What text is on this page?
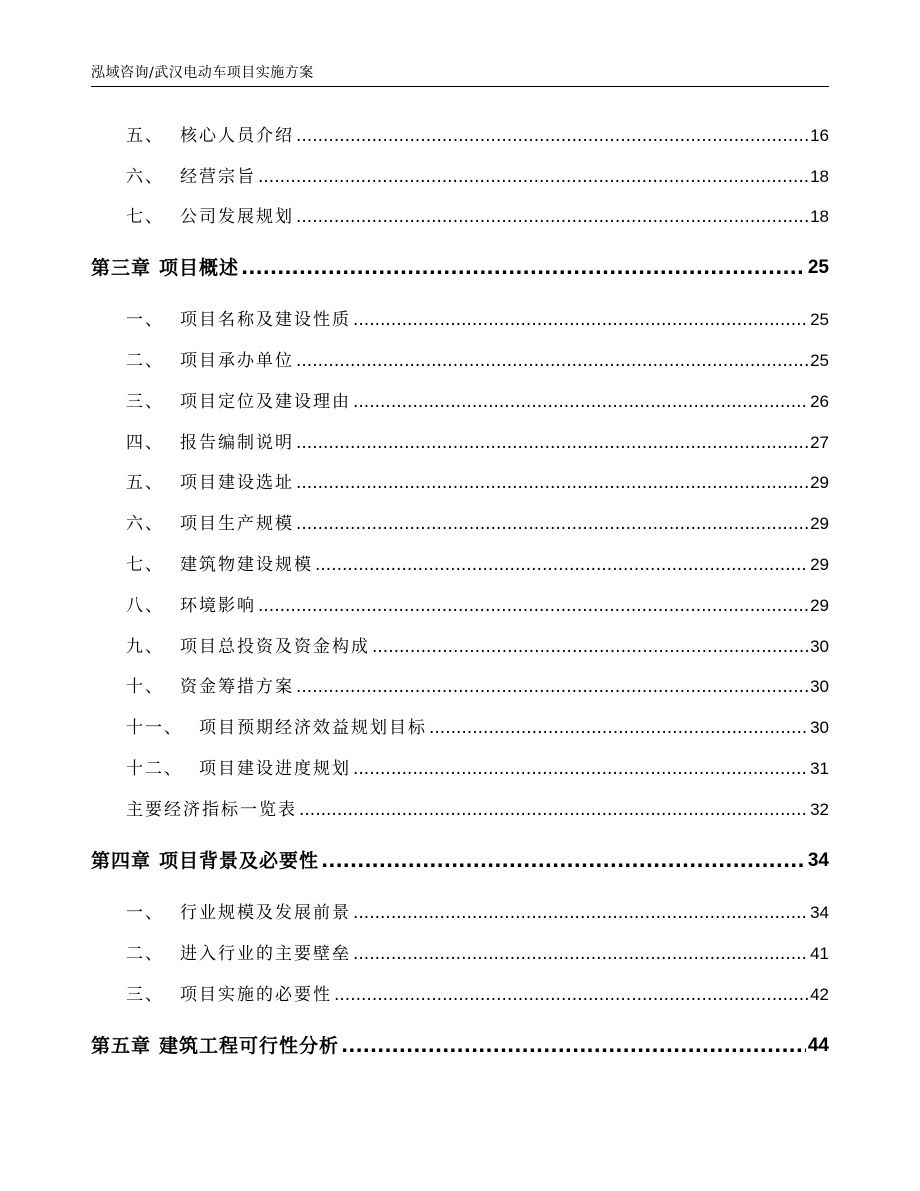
泓域咨询/武汉电动车项目实施方案
五、 核心人员介绍 .....	16
六、 经营宗旨 .....	18
七、 公司发展规划 .....	18
第三章 项目概述 .....	25
一、 项目名称及建设性质 .....	25
二、 项目承办单位 .....	25
三、 项目定位及建设理由 .....	26
四、 报告编制说明 .....	27
五、 项目建设选址 .....	29
六、 项目生产规模 .....	29
七、 建筑物建设规模 .....	29
八、 环境影响 .....	29
九、 项目总投资及资金构成 .....	30
十、 资金筹措方案 .....	30
十一、 项目预期经济效益规划目标 .....	30
十二、 项目建设进度规划 .....	31
主要经济指标一览表 .....	32
第四章 项目背景及必要性 .....	34
一、 行业规模及发展前景 .....	34
二、 进入行业的主要壁垒 .....	41
三、 项目实施的必要性 .....	42
第五章 建筑工程可行性分析 .....	44
